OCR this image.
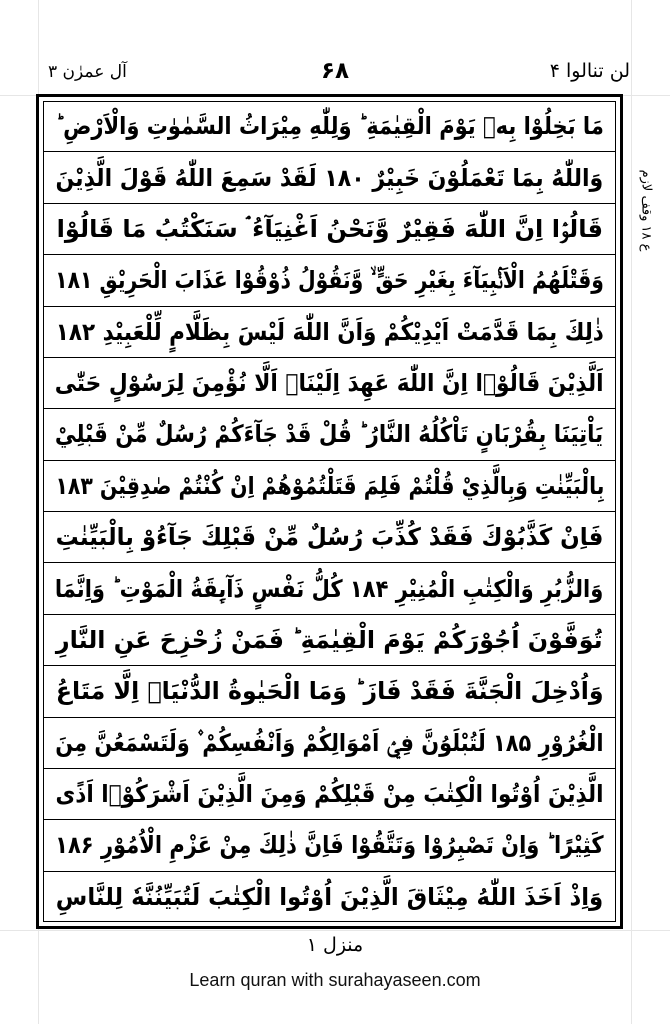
لن تنالوا ۴
۶۸
آل عمرٰن ۳
مَا بَخِلُوْا بِهٖ يَوْمَ الْقِيٰمَةِ ؕ وَلِلّٰهِ مِيْرَاثُ السَّمٰوٰتِ وَالْاَرْضِ ؕ
وَاللّٰهُ بِمَا تَعْمَلُوْنَ خَبِيْرٌ ۱۸۰ لَقَدْ سَمِعَ اللّٰهُ قَوْلَ الَّذِيْنَ
قَالُوْۤا اِنَّ اللّٰهَ فَقِيْرٌ وَّنَحْنُ اَغْنِيَآءُ ۘ سَنَكْتُبُ مَا قَالُوْا
وَقَتْلَهُمُ الْاَنْۢبِيَآءَ بِغَيْرِ حَقٍّ ۙ وَّنَقُوْلُ ذُوْقُوْا عَذَابَ الْحَرِيْقِ ۱۸۱
ذٰلِكَ بِمَا قَدَّمَتْ اَيْدِيْكُمْ وَاَنَّ اللّٰهَ لَيْسَ بِظَلَّامٍ لِّلْعَبِيْدِ ۱۸۲
اَلَّذِيْنَ قَالُوْۤا اِنَّ اللّٰهَ عَهِدَ اِلَيْنَاۤ اَلَّا نُؤْمِنَ لِرَسُوْلٍ حَتّٰى
يَاْتِيَنَا بِقُرْبَانٍ تَاْكُلُهُ النَّارُ ؕ قُلْ قَدْ جَآءَكُمْ رُسُلٌ مِّنْ قَبْلِيْ
بِالْبَيِّنٰتِ وَبِالَّذِيْ قُلْتُمْ فَلِمَ قَتَلْتُمُوْهُمْ اِنْ كُنْتُمْ صٰدِقِيْنَ ۱۸۳
فَاِنْ كَذَّبُوْكَ فَقَدْ كُذِّبَ رُسُلٌ مِّنْ قَبْلِكَ جَآءُوْ بِالْبَيِّنٰتِ
وَالزُّبُرِ وَالْكِتٰبِ الْمُنِيْرِ ۱۸۴ كُلُّ نَفْسٍ ذَآىِٕقَةُ الْمَوْتِ ؕ وَاِنَّمَا
تُوَفَّوْنَ اُجُوْرَكُمْ يَوْمَ الْقِيٰمَةِ ؕ فَمَنْ زُحْزِحَ عَنِ النَّارِ
وَاُدْخِلَ الْجَنَّةَ فَقَدْ فَازَ ؕ وَمَا الْحَيٰوةُ الدُّنْيَاۤ اِلَّا مَتَاعُ
الْغُرُوْرِ ۱۸۵ لَتُبْلَوُنَّ فِيْۤ اَمْوَالِكُمْ وَاَنْفُسِكُمْ ۫ وَلَتَسْمَعُنَّ مِنَ
الَّذِيْنَ اُوْتُوا الْكِتٰبَ مِنْ قَبْلِكُمْ وَمِنَ الَّذِيْنَ اَشْرَكُوْۤا اَذًى
كَثِيْرًا ؕ وَاِنْ تَصْبِرُوْا وَتَتَّقُوْا فَاِنَّ ذٰلِكَ مِنْ عَزْمِ الْاُمُوْرِ ۱۸۶
وَاِذْ اَخَذَ اللّٰهُ مِيْثَاقَ الَّذِيْنَ اُوْتُوا الْكِتٰبَ لَتُبَيِّنُنَّهٗ لِلنَّاسِ
ع ۱۸ وقف لازم
منزل ۱
Learn quran with surahayaseen.com
